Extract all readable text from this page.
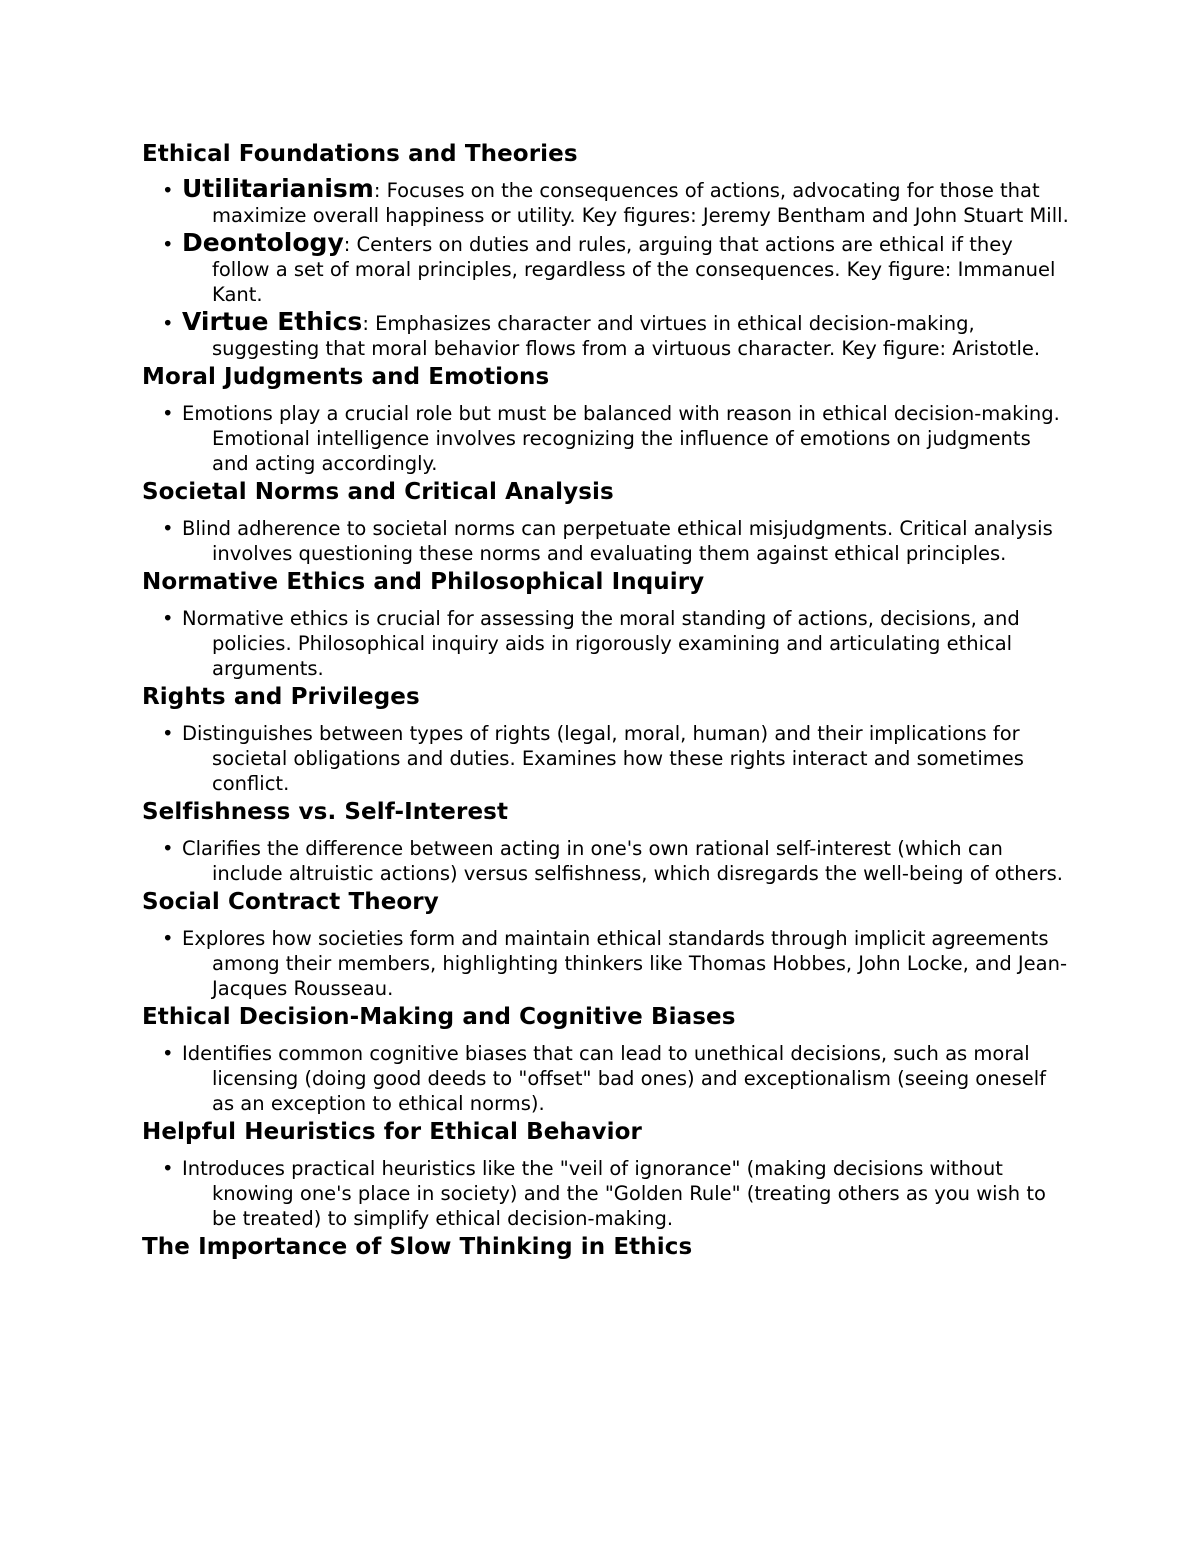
Ethical Foundations and Theories
• Utilitarianism: Focuses on the consequences of actions, advocating for those that maximize overall happiness or utility. Key figures: Jeremy Bentham and John Stuart Mill.
• Deontology: Centers on duties and rules, arguing that actions are ethical if they follow a set of moral principles, regardless of the consequences. Key figure: Immanuel Kant.
• Virtue Ethics: Emphasizes character and virtues in ethical decision-making, suggesting that moral behavior flows from a virtuous character. Key figure: Aristotle.
Moral Judgments and Emotions
• Emotions play a crucial role but must be balanced with reason in ethical decision-making. Emotional intelligence involves recognizing the influence of emotions on judgments and acting accordingly.
Societal Norms and Critical Analysis
• Blind adherence to societal norms can perpetuate ethical misjudgments. Critical analysis involves questioning these norms and evaluating them against ethical principles.
Normative Ethics and Philosophical Inquiry
• Normative ethics is crucial for assessing the moral standing of actions, decisions, and policies. Philosophical inquiry aids in rigorously examining and articulating ethical arguments.
Rights and Privileges
• Distinguishes between types of rights (legal, moral, human) and their implications for societal obligations and duties. Examines how these rights interact and sometimes conflict.
Selfishness vs. Self-Interest
• Clarifies the difference between acting in one's own rational self-interest (which can include altruistic actions) versus selfishness, which disregards the well-being of others.
Social Contract Theory
• Explores how societies form and maintain ethical standards through implicit agreements among their members, highlighting thinkers like Thomas Hobbes, John Locke, and Jean-Jacques Rousseau.
Ethical Decision-Making and Cognitive Biases
• Identifies common cognitive biases that can lead to unethical decisions, such as moral licensing (doing good deeds to "offset" bad ones) and exceptionalism (seeing oneself as an exception to ethical norms).
Helpful Heuristics for Ethical Behavior
• Introduces practical heuristics like the "veil of ignorance" (making decisions without knowing one's place in society) and the "Golden Rule" (treating others as you wish to be treated) to simplify ethical decision-making.
The Importance of Slow Thinking in Ethics
